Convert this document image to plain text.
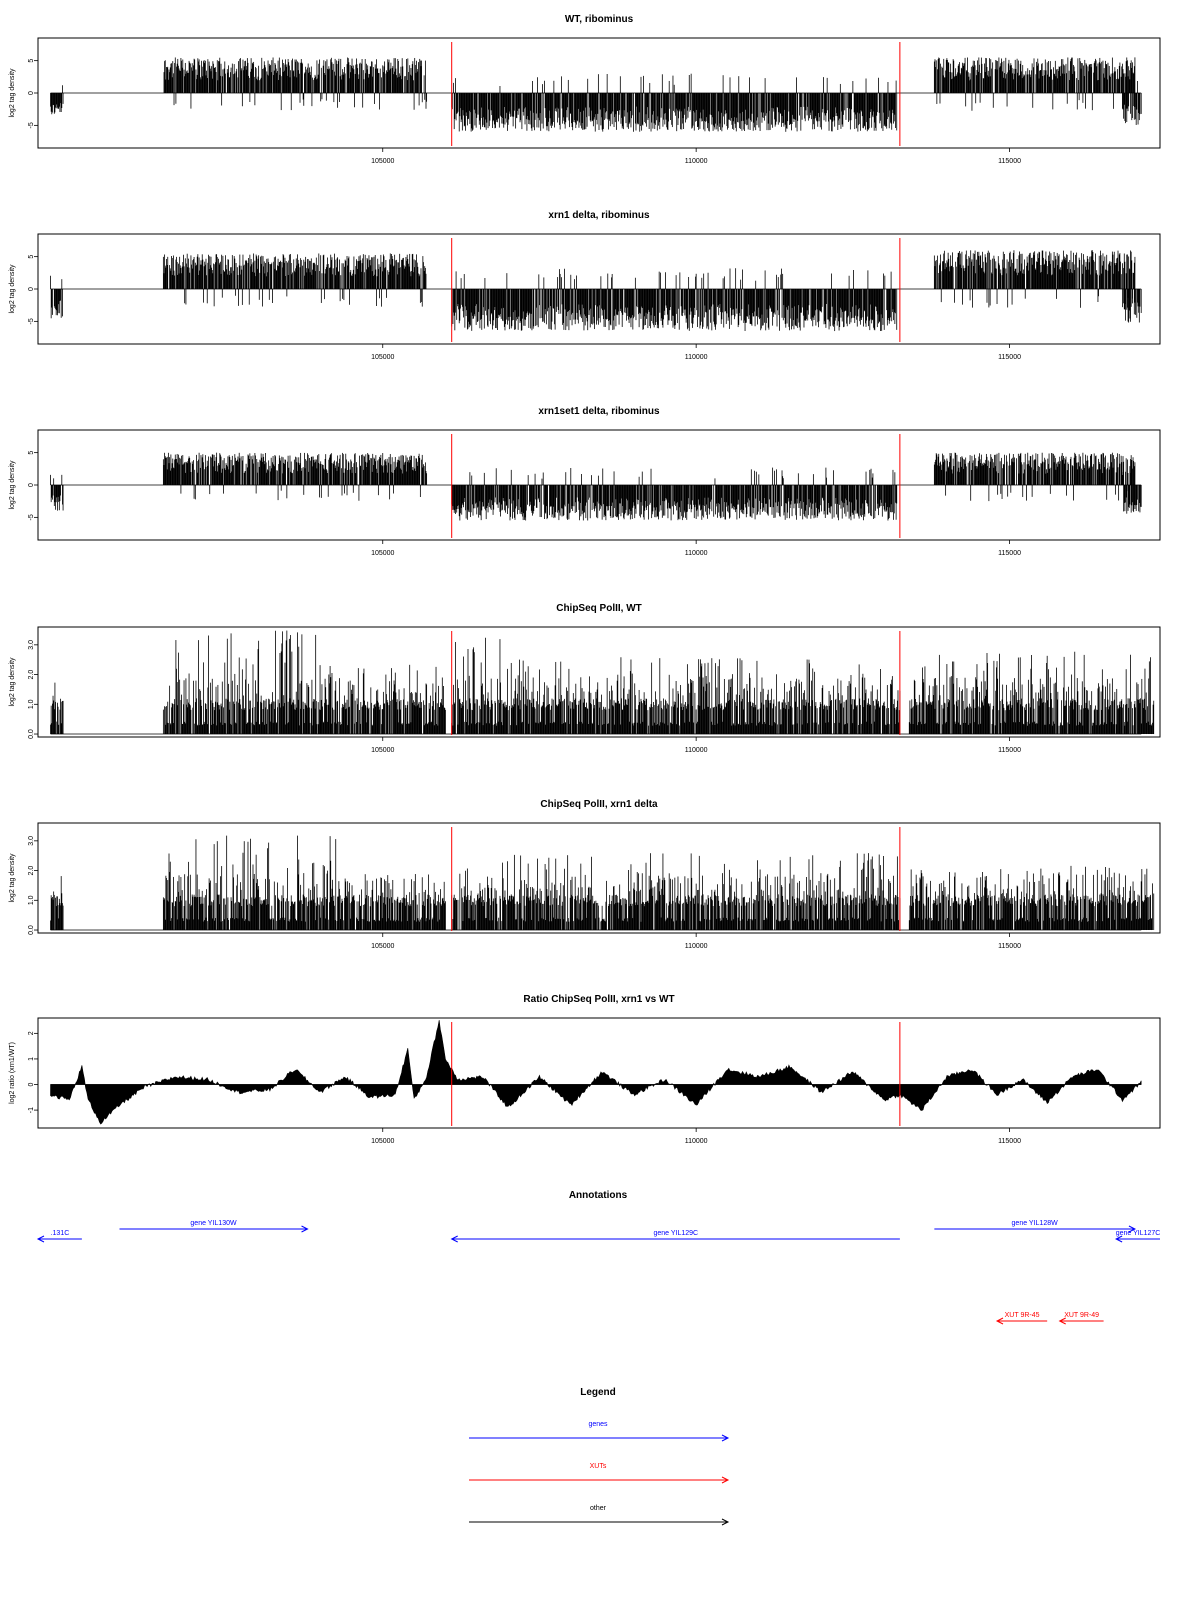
WT, ribominus
-5
0
5
log2 tag density
105000	110000	115000
xrn1 delta, ribominus
-5
0
5
log2 tag density
105000	110000	115000
xrn1set1 delta, ribominus
-5
0
5
log2 tag density
105000	110000	115000
ChipSeq PolII, WT
0.0
1.0
2.0
3.0
log2 tag density
105000	110000	115000
ChipSeq PolII, xrn1 delta
0.0
1.0
2.0
3.0
log2 tag density
105000	110000	115000
Ratio ChipSeq PolII, xrn1 vs WT
-1
0
1
2
log2 ratio (xrn1/WT)
105000	110000	115000
Annotations
.131C
gene YIL130W
gene YIL129C
gene YIL128W
gene YIL127C
XUT 9R-45	XUT 9R-49
Legend
genes
XUTs
other
